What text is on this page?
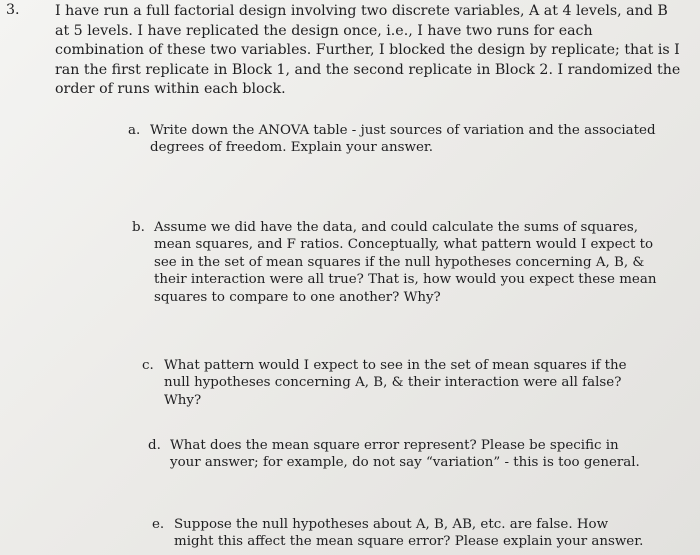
3. I have run a full factorial design involving two discrete variables, A at 4 levels, and B at 5 levels. I have replicated the design once, i.e., I have two runs for each combination of these two variables. Further, I blocked the design by replicate; that is I ran the first replicate in Block 1, and the second replicate in Block 2. I randomized the order of runs within each block.
a. Write down the ANOVA table - just sources of variation and the associated degrees of freedom. Explain your answer.
b. Assume we did have the data, and could calculate the sums of squares, mean squares, and F ratios. Conceptually, what pattern would I expect to see in the set of mean squares if the null hypotheses concerning A, B, & their interaction were all true? That is, how would you expect these mean squares to compare to one another? Why?
c. What pattern would I expect to see in the set of mean squares if the null hypotheses concerning A, B, & their interaction were all false? Why?
d. What does the mean square error represent? Please be specific in your answer; for example, do not say “variation” - this is too general.
e. Suppose the null hypotheses about A, B, AB, etc. are false. How might this affect the mean square error? Please explain your answer.
